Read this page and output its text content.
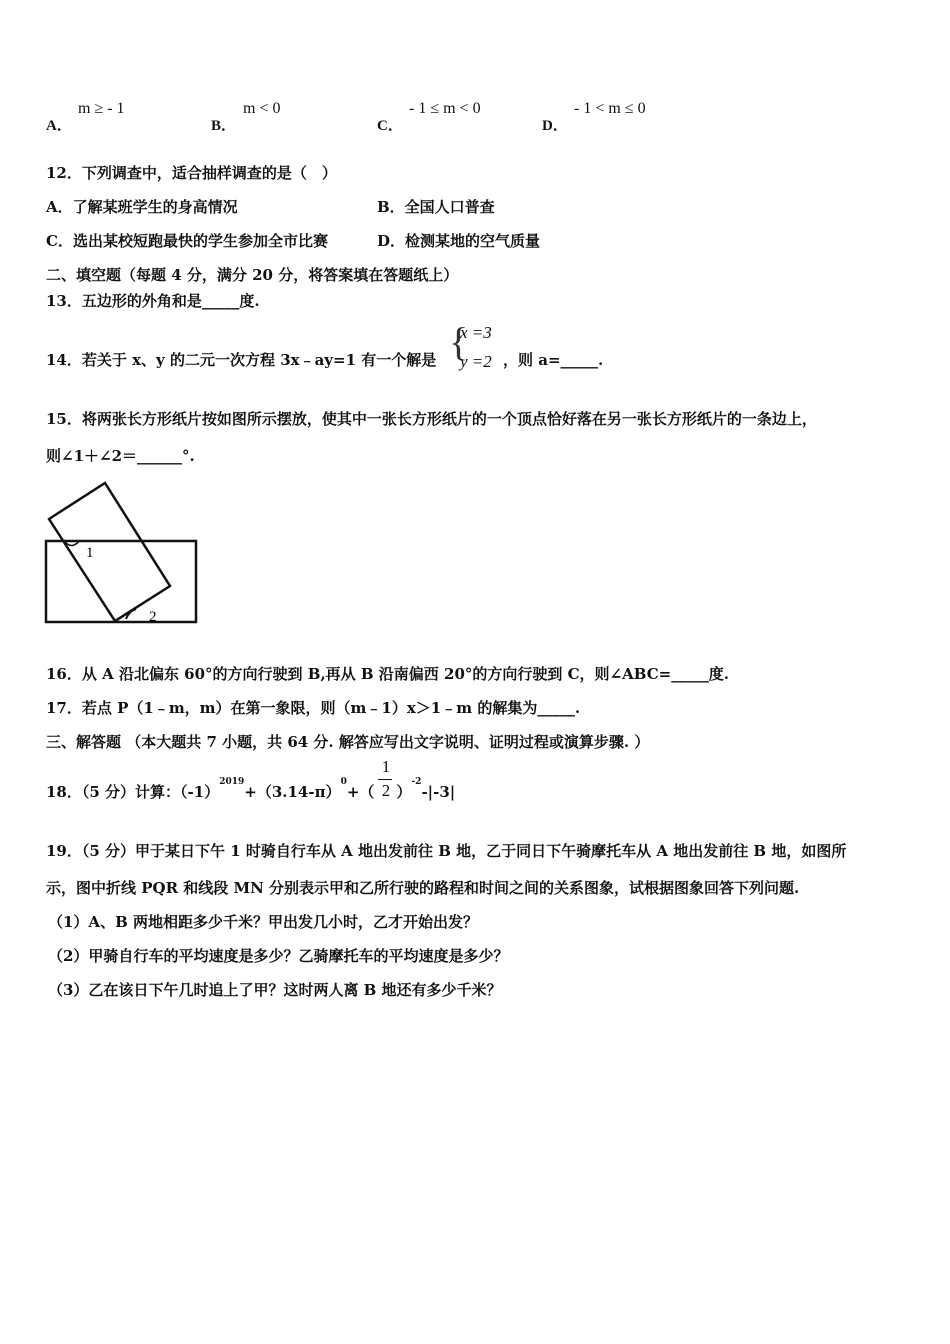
A．
m ≥ - 1
B．
m < 0
C．
- 1 ≤ m < 0
D．
- 1 < m ≤ 0
12．下列调查中，适合抽样调查的是（　）
A．了解某班学生的身高情况	B．全国人口普查
C．选出某校短跑最快的学生参加全市比赛	D．检测某地的空气质量
二、填空题（每题 4 分，满分 20 分，将答案填在答题纸上）
13．五边形的外角和是_____度.
14．若关于 x、y 的二元一次方程 3x﹣ay=1 有一个解是 {
x =3
y =2 ，则 a=_____.
15．将两张长方形纸片按如图所示摆放，使其中一张长方形纸片的一个顶点恰好落在另一张长方形纸片的一条边上，
则∠1＋∠2＝______°.
1
2
16．从 A 沿北偏东 60°的方向行驶到 B,再从 B 沿南偏西 20°的方向行驶到 C，则∠ABC=_____度.
17．若点 P（1﹣m，m）在第一象限，则（m﹣1）x＞1﹣m 的解集为_____.
三、解答题 （本大题共 7 小题，共 64 分. 解答应写出文字说明、证明过程或演算步骤. ）
18．（5 分）计算：$(-1)^{2019}+(3.14-\pi)^0+$（ ）$^{-2}$-|-3|
1
2
19．（5 分）甲于某日下午 1 时骑自行车从 A 地出发前往 B 地，乙于同日下午骑摩托车从 A 地出发前往 B 地，如图所
示，图中折线 PQR 和线段 MN 分别表示甲和乙所行驶的路程和时间之间的关系图象，试根据图象回答下列问题.
（1）A、B 两地相距多少千米？甲出发几小时，乙才开始出发？
（2）甲骑自行车的平均速度是多少？乙骑摩托车的平均速度是多少？
（3）乙在该日下午几时追上了甲？这时两人离 B 地还有多少千米？
